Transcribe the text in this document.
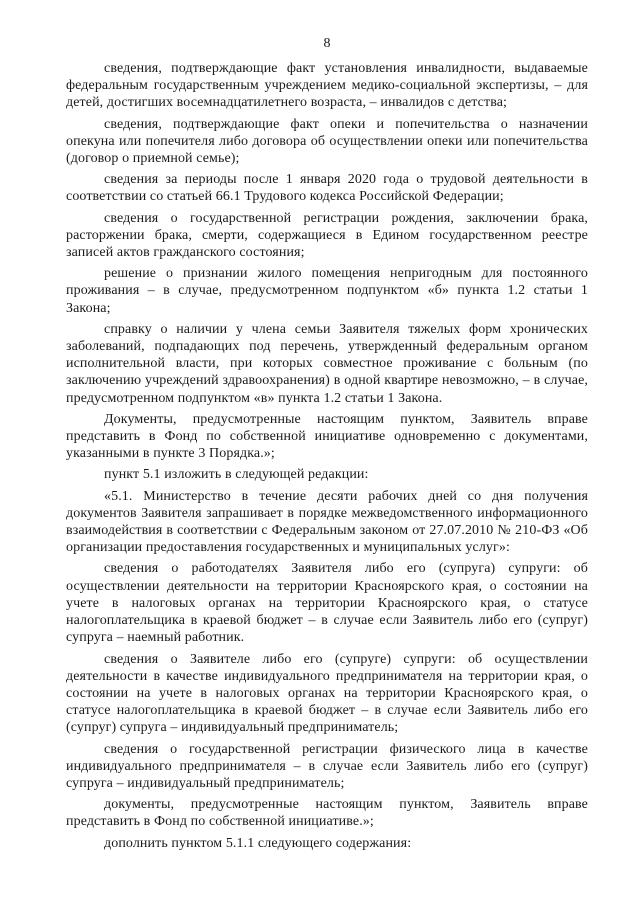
8

сведения, подтверждающие факт установления инвалидности, выдаваемые федеральным государственным учреждением медико-социальной экспертизы, – для детей, достигших восемнадцатилетнего возраста, – инвалидов с детства;

сведения, подтверждающие факт опеки и попечительства о назначении опекуна или попечителя либо договора об осуществлении опеки или попечительства (договор о приемной семье);

сведения за периоды после 1 января 2020 года о трудовой деятельности в соответствии со статьей 66.1 Трудового кодекса Российской Федерации;

сведения о государственной регистрации рождения, заключении брака, расторжении брака, смерти, содержащиеся в Едином государственном реестре записей актов гражданского состояния;

решение о признании жилого помещения непригодным для постоянного проживания – в случае, предусмотренном подпунктом «б» пункта 1.2 статьи 1 Закона;

справку о наличии у члена семьи Заявителя тяжелых форм хронических заболеваний, подпадающих под перечень, утвержденный федеральным органом исполнительной власти, при которых совместное проживание с больным (по заключению учреждений здравоохранения) в одной квартире невозможно, – в случае, предусмотренном подпунктом «в» пункта 1.2 статьи 1 Закона.

Документы, предусмотренные настоящим пунктом, Заявитель вправе представить в Фонд по собственной инициативе одновременно с документами, указанными в пункте 3 Порядка.»;

пункт 5.1 изложить в следующей редакции:

«5.1. Министерство в течение десяти рабочих дней со дня получения документов Заявителя запрашивает в порядке межведомственного информационного взаимодействия в соответствии с Федеральным законом от 27.07.2010 № 210-ФЗ «Об организации предоставления государственных и муниципальных услуг»:

сведения о работодателях Заявителя либо его (супруга) супруги: об осуществлении деятельности на территории Красноярского края, о состоянии на учете в налоговых органах на территории Красноярского края, о статусе налогоплательщика в краевой бюджет – в случае если Заявитель либо его (супруг) супруга – наемный работник.

сведения о Заявителе либо его (супруге) супруги: об осуществлении деятельности в качестве индивидуального предпринимателя на территории края, о состоянии на учете в налоговых органах на территории Красноярского края, о статусе налогоплательщика в краевой бюджет – в случае если Заявитель либо его (супруг) супруга – индивидуальный предприниматель;

сведения о государственной регистрации физического лица в качестве индивидуального предпринимателя – в случае если Заявитель либо его (супруг) супруга – индивидуальный предприниматель;

документы, предусмотренные настоящим пунктом, Заявитель вправе представить в Фонд по собственной инициативе.»;

дополнить пунктом 5.1.1 следующего содержания:
